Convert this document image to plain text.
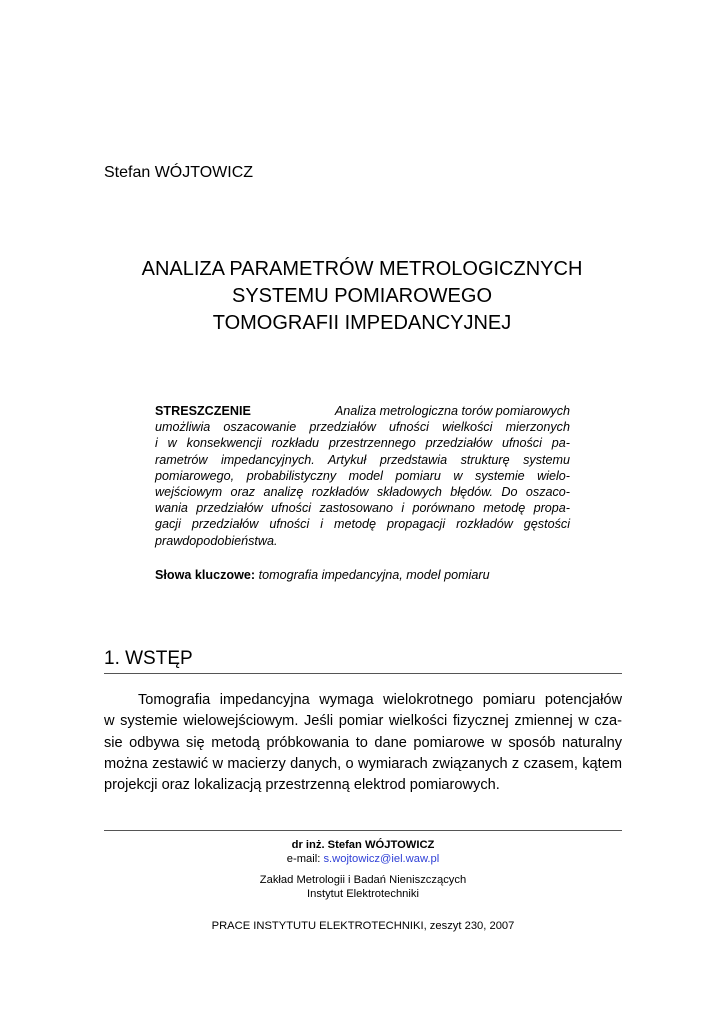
Stefan WÓJTOWICZ
ANALIZA PARAMETRÓW METROLOGICZNYCH
SYSTEMU POMIAROWEGO
TOMOGRAFII IMPEDANCYJNEJ
STRESZCZENIE	Analiza metrologiczna torów pomiarowych
umożliwia oszacowanie przedziałów ufności wielkości mierzonych
i w konsekwencji rozkładu przestrzennego przedziałów ufności pa-
rametrów impedancyjnych. Artykuł przedstawia strukturę systemu
pomiarowego, probabilistyczny model pomiaru w systemie wielo-
wejściowym oraz analizę rozkładów składowych błędów. Do oszaco-
wania przedziałów ufności zastosowano i porównano metodę propa-
gacji przedziałów ufności i metodę propagacji rozkładów gęstości
prawdopodobieństwa.
Słowa kluczowe: tomografia impedancyjna, model pomiaru
1. WSTĘP
Tomografia impedancyjna wymaga wielokrotnego pomiaru potencjałów
w systemie wielowejściowym. Jeśli pomiar wielkości fizycznej zmiennej w cza-
sie odbywa się metodą próbkowania to dane pomiarowe w sposób naturalny
można zestawić w macierzy danych, o wymiarach związanych z czasem, kątem
projekcji oraz lokalizacją przestrzenną elektrod pomiarowych.
dr inż. Stefan WÓJTOWICZ
e-mail: s.wojtowicz@iel.waw.pl
Zakład Metrologii i Badań Nieniszczących
Instytut Elektrotechniki
PRACE INSTYTUTU ELEKTROTECHNIKI, zeszyt 230, 2007
